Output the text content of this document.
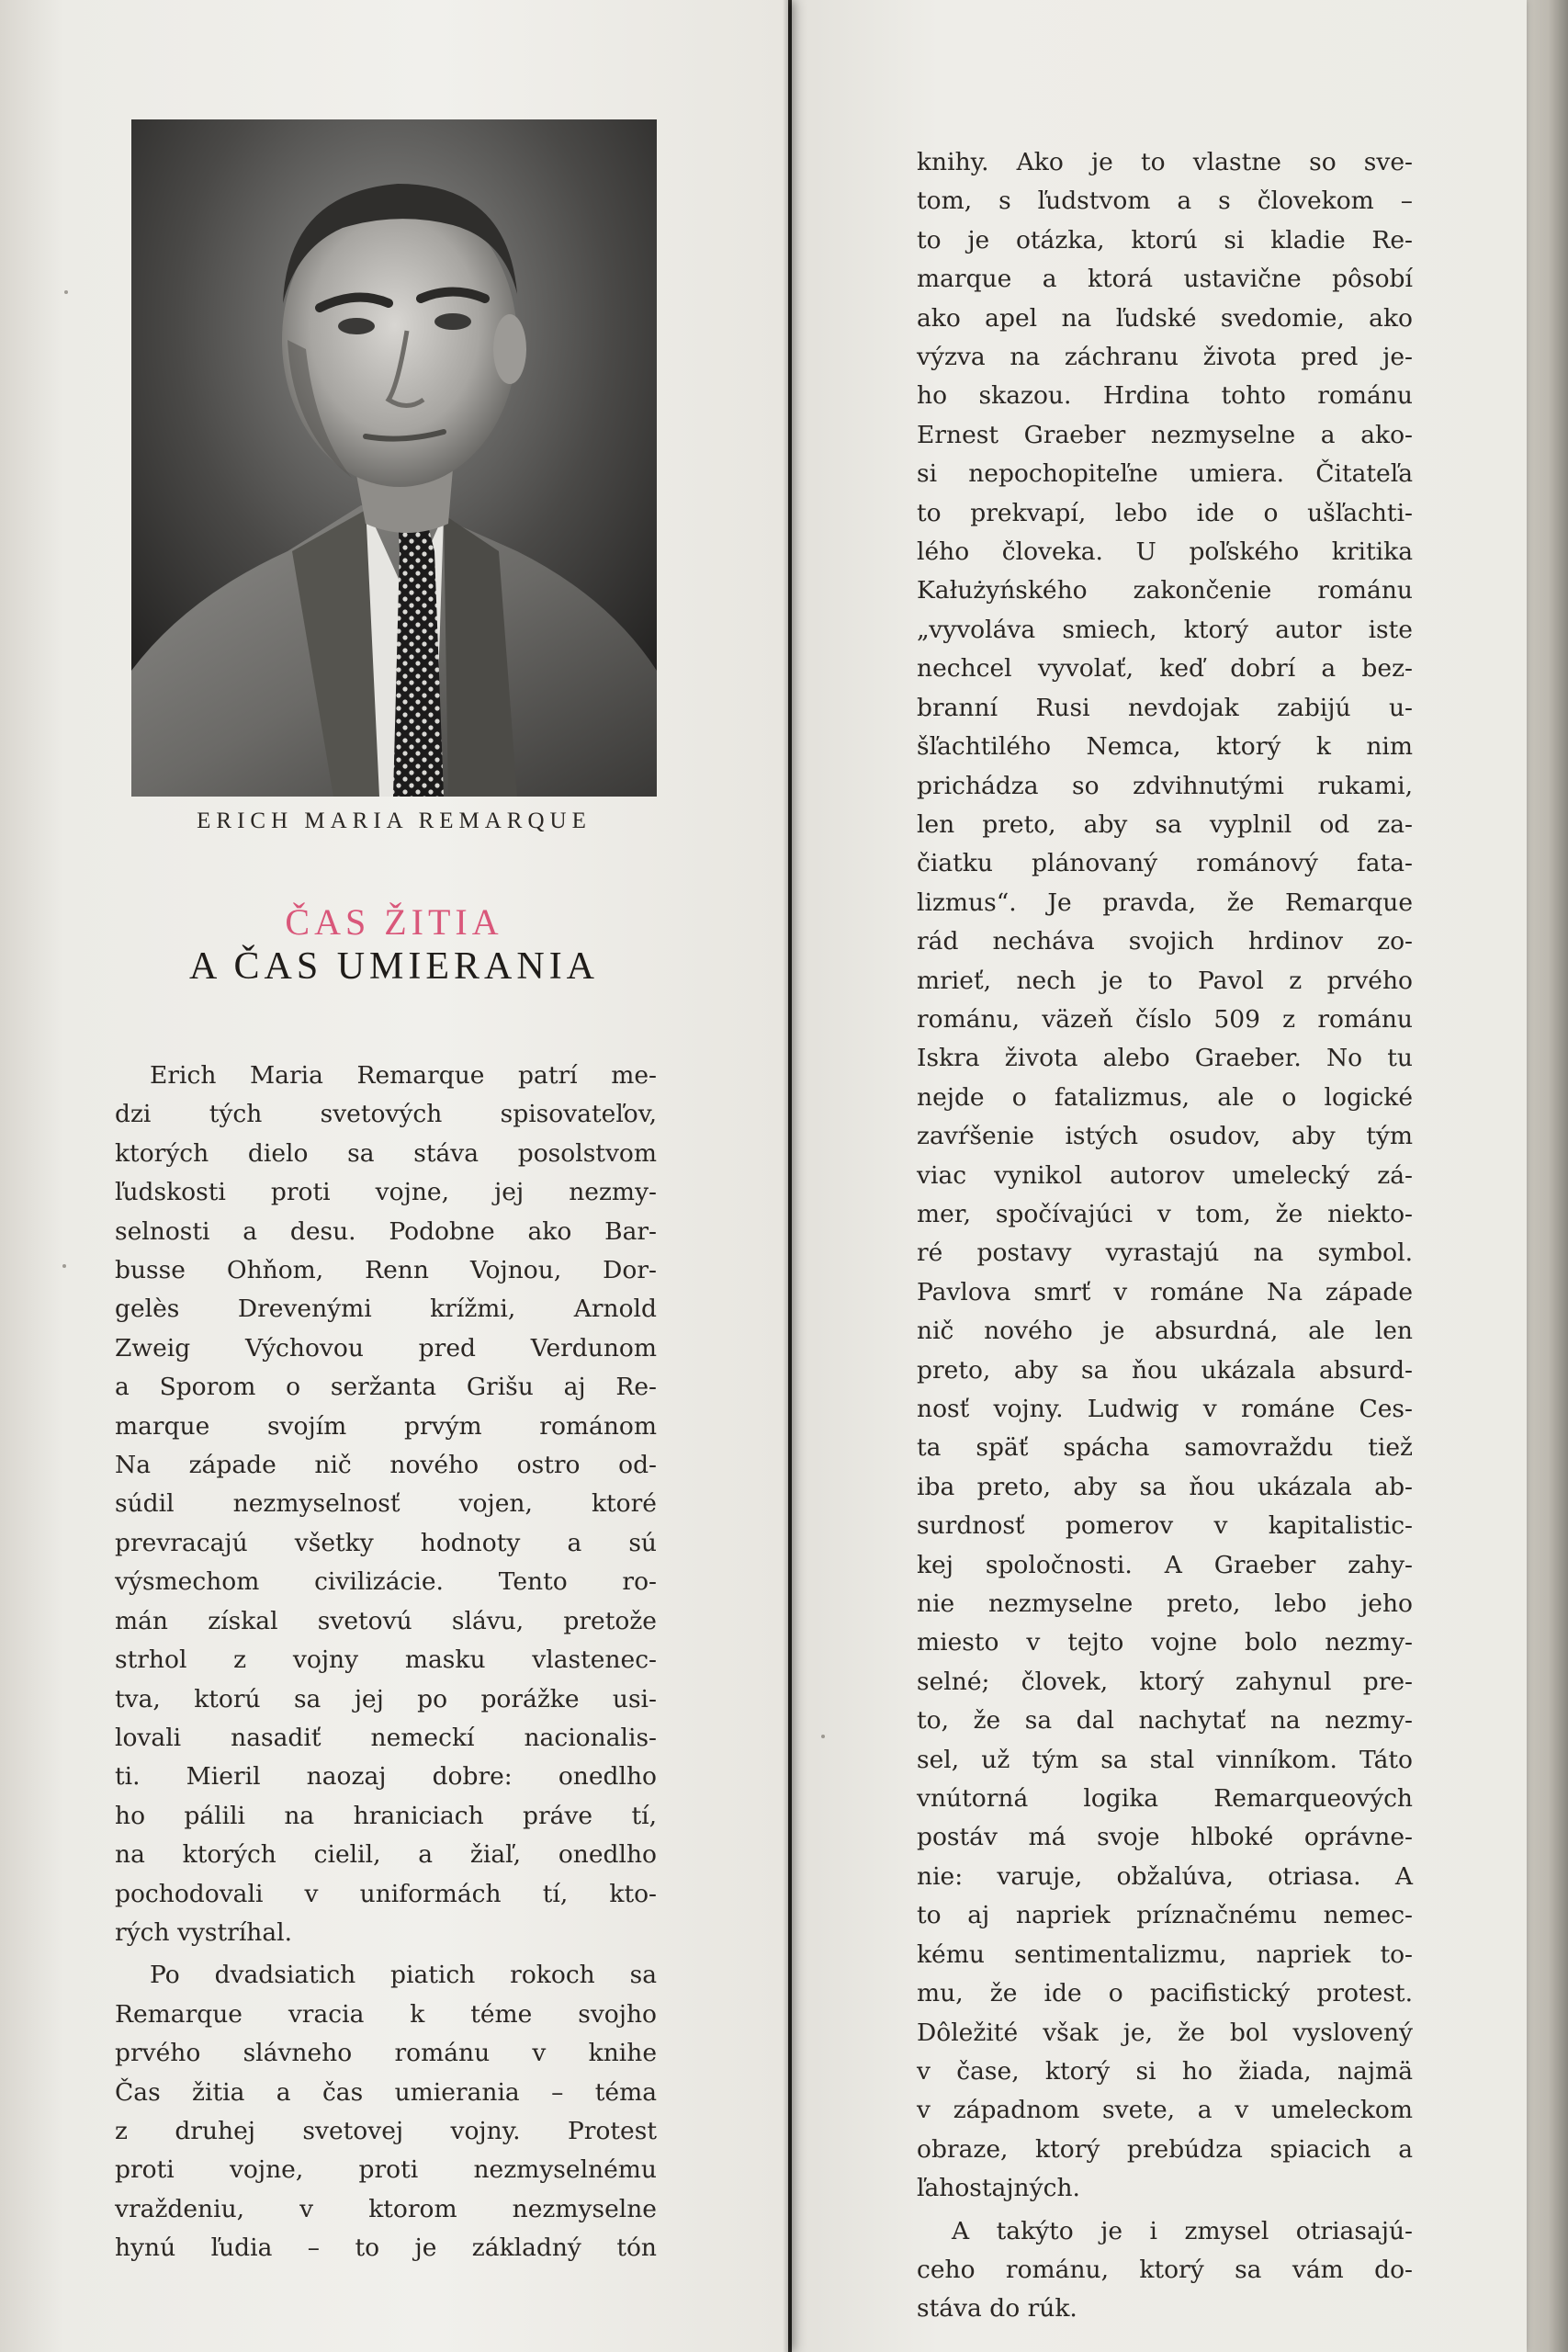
ERICH MARIA REMARQUE
ČAS ŽITIA
A ČAS UMIERANIA

Erich Maria Remarque patrí me-
dzi tých svetových spisovateľov,
ktorých dielo sa stáva posolstvom
ľudskosti proti vojne, jej nezmy-
selnosti a desu. Podobne ako Bar-
busse Ohňom, Renn Vojnou, Dor-
gelès Drevenými krížmi, Arnold
Zweig Výchovou pred Verdunom
a Sporom o seržanta Grišu aj Re-
marque svojím prvým románom
Na západe nič nového ostro od-
súdil nezmyselnosť vojen, ktoré
prevracajú všetky hodnoty a sú
výsmechom civilizácie. Tento ro-
mán získal svetovú slávu, pretože
strhol z vojny masku vlastenec-
tva, ktorú sa jej po porážke usi-
lovali nasadiť nemeckí nacionalis-
ti. Mieril naozaj dobre: onedlho
ho pálili na hraniciach práve tí,
na ktorých cielil, a žiaľ, onedlho
pochodovali v uniformách tí, kto-
rých vystríhal.

Po dvadsiatich piatich rokoch sa
Remarque vracia k téme svojho
prvého slávneho románu v knihe
Čas žitia a čas umierania – téma
z druhej svetovej vojny. Protest
proti vojne, proti nezmyselnému
vraždeniu, v ktorom nezmyselne
hynú ľudia – to je základný tón

knihy. Ako je to vlastne so sve-
tom, s ľudstvom a s človekom –
to je otázka, ktorú si kladie Re-
marque a ktorá ustavične pôsobí
ako apel na ľudské svedomie, ako
výzva na záchranu života pred je-
ho skazou. Hrdina tohto románu
Ernest Graeber nezmyselne a ako-
si nepochopiteľne umiera. Čitateľa
to prekvapí, lebo ide o ušľachti-
lého človeka. U poľského kritika
Kałużyńského zakončenie románu
„vyvoláva smiech, ktorý autor iste
nechcel vyvolať, keď dobrí a bez-
branní Rusi nevdojak zabijú u-
šľachtilého Nemca, ktorý k nim
prichádza so zdvihnutými rukami,
len preto, aby sa vyplnil od za-
čiatku plánovaný románový fata-
lizmus“. Je pravda, že Remarque
rád necháva svojich hrdinov zo-
mrieť, nech je to Pavol z prvého
románu, väzeň číslo 509 z románu
Iskra života alebo Graeber. No tu
nejde o fatalizmus, ale o logické
zavŕšenie istých osudov, aby tým
viac vynikol autorov umelecký zá-
mer, spočívajúci v tom, že niekto-
ré postavy vyrastajú na symbol.
Pavlova smrť v románe Na západe
nič nového je absurdná, ale len
preto, aby sa ňou ukázala absurd-
nosť vojny. Ludwig v románe Ces-
ta späť spácha samovraždu tiež
iba preto, aby sa ňou ukázala ab-
surdnosť pomerov v kapitalistic-
kej spoločnosti. A Graeber zahy-
nie nezmyselne preto, lebo jeho
miesto v tejto vojne bolo nezmy-
selné; človek, ktorý zahynul pre-
to, že sa dal nachytať na nezmy-
sel, už tým sa stal vinníkom. Táto
vnútorná logika Remarqueových
postáv má svoje hlboké oprávne-
nie: varuje, obžalúva, otriasa. A
to aj napriek príznačnému nemec-
kému sentimentalizmu, napriek to-
mu, že ide o pacifistický protest.
Dôležité však je, že bol vyslovený
v čase, ktorý si ho žiada, najmä
v západnom svete, a v umeleckom
obraze, ktorý prebúdza spiacich a
ľahostajných.

A takýto je i zmysel otriasajú-
ceho románu, ktorý sa vám do-
stáva do rúk.
